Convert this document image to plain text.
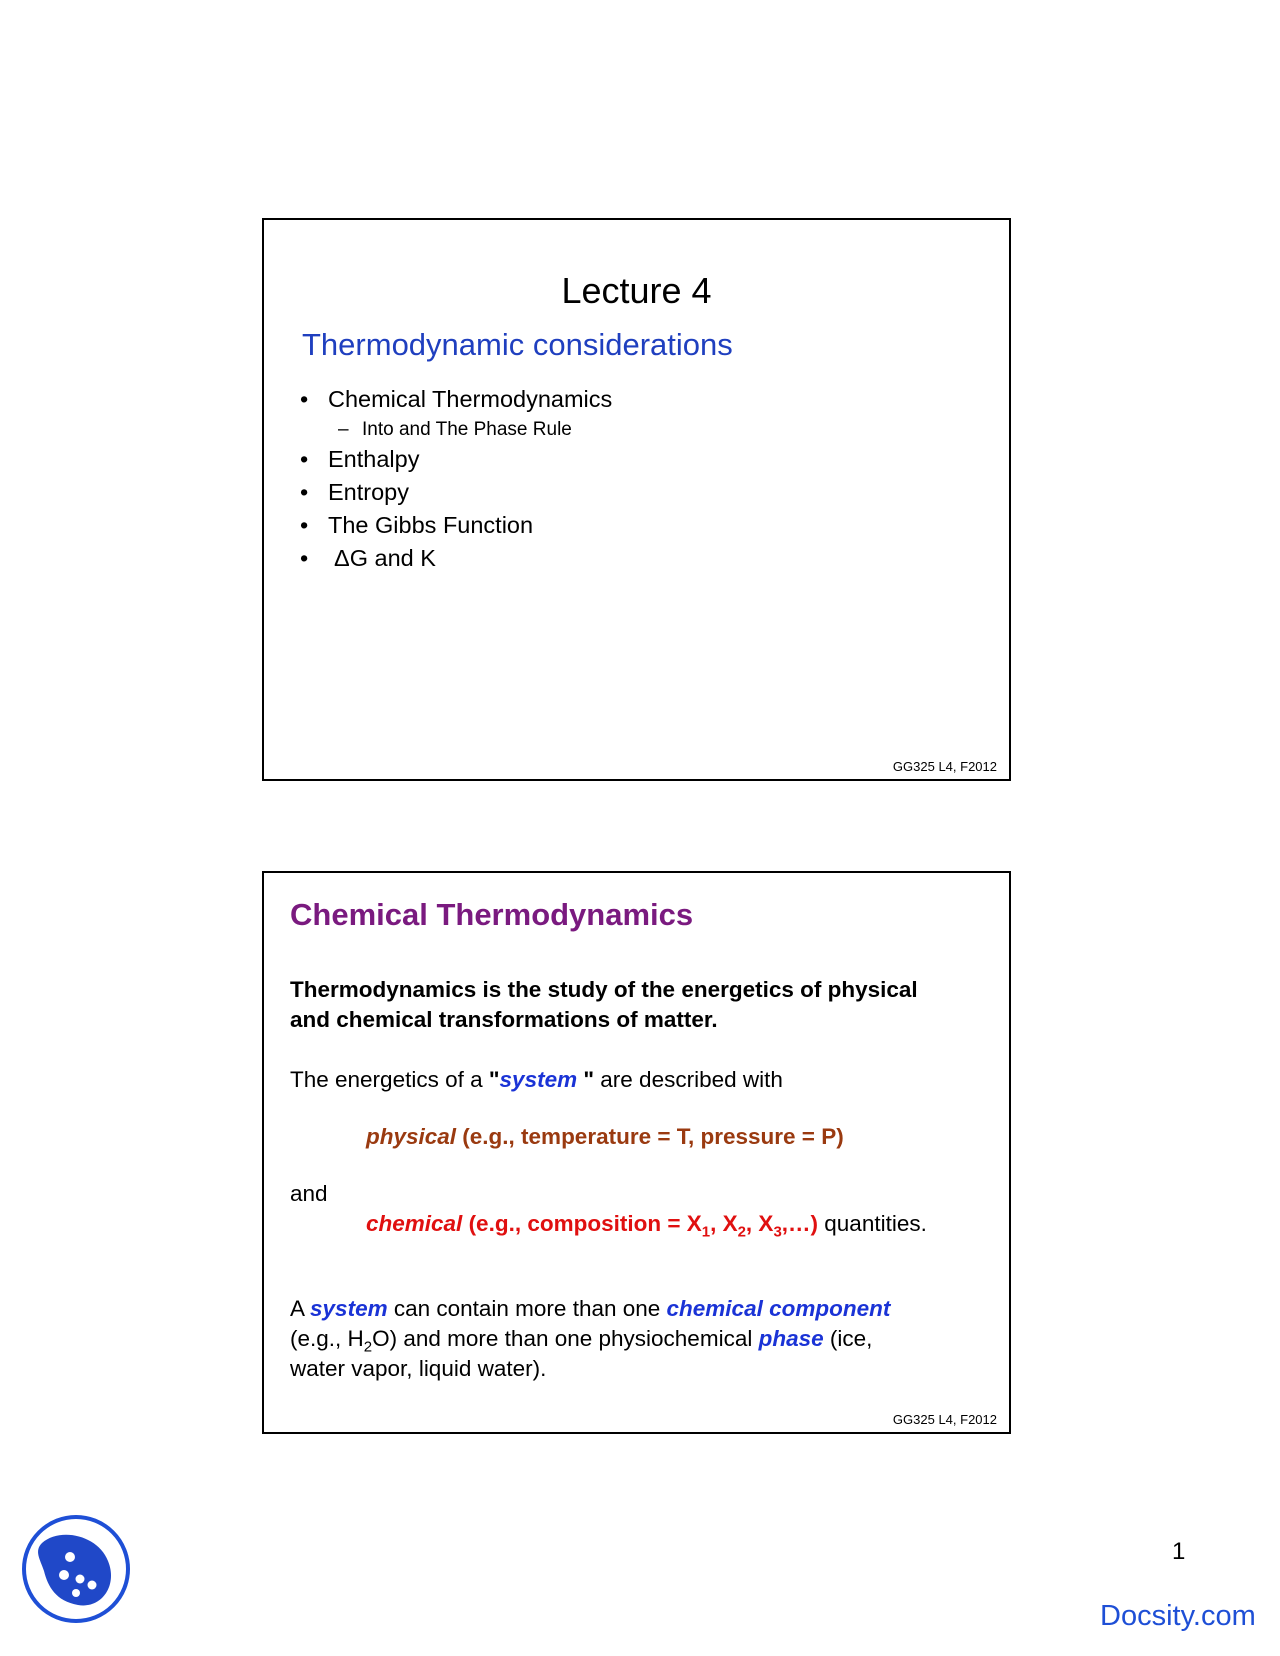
Lecture 4
Thermodynamic considerations
• Chemical Thermodynamics
– Into and The Phase Rule
• Enthalpy
• Entropy
• The Gibbs Function
• ΔG and K
GG325 L4, F2012
Chemical Thermodynamics

Thermodynamics is the study of the energetics of physical
and chemical transformations of matter.

The energetics of a "system " are described with

physical (e.g., temperature = T, pressure = P)

and

chemical (e.g., composition = $X_1$, $X_2$, $X_3,\dots$) quantities.

A system can contain more than one chemical component
(e.g., $H_2O$) and more than one physiochemical phase (ice,
water vapor, liquid water).

GG325 L4, F2012
1
Docsity.com
